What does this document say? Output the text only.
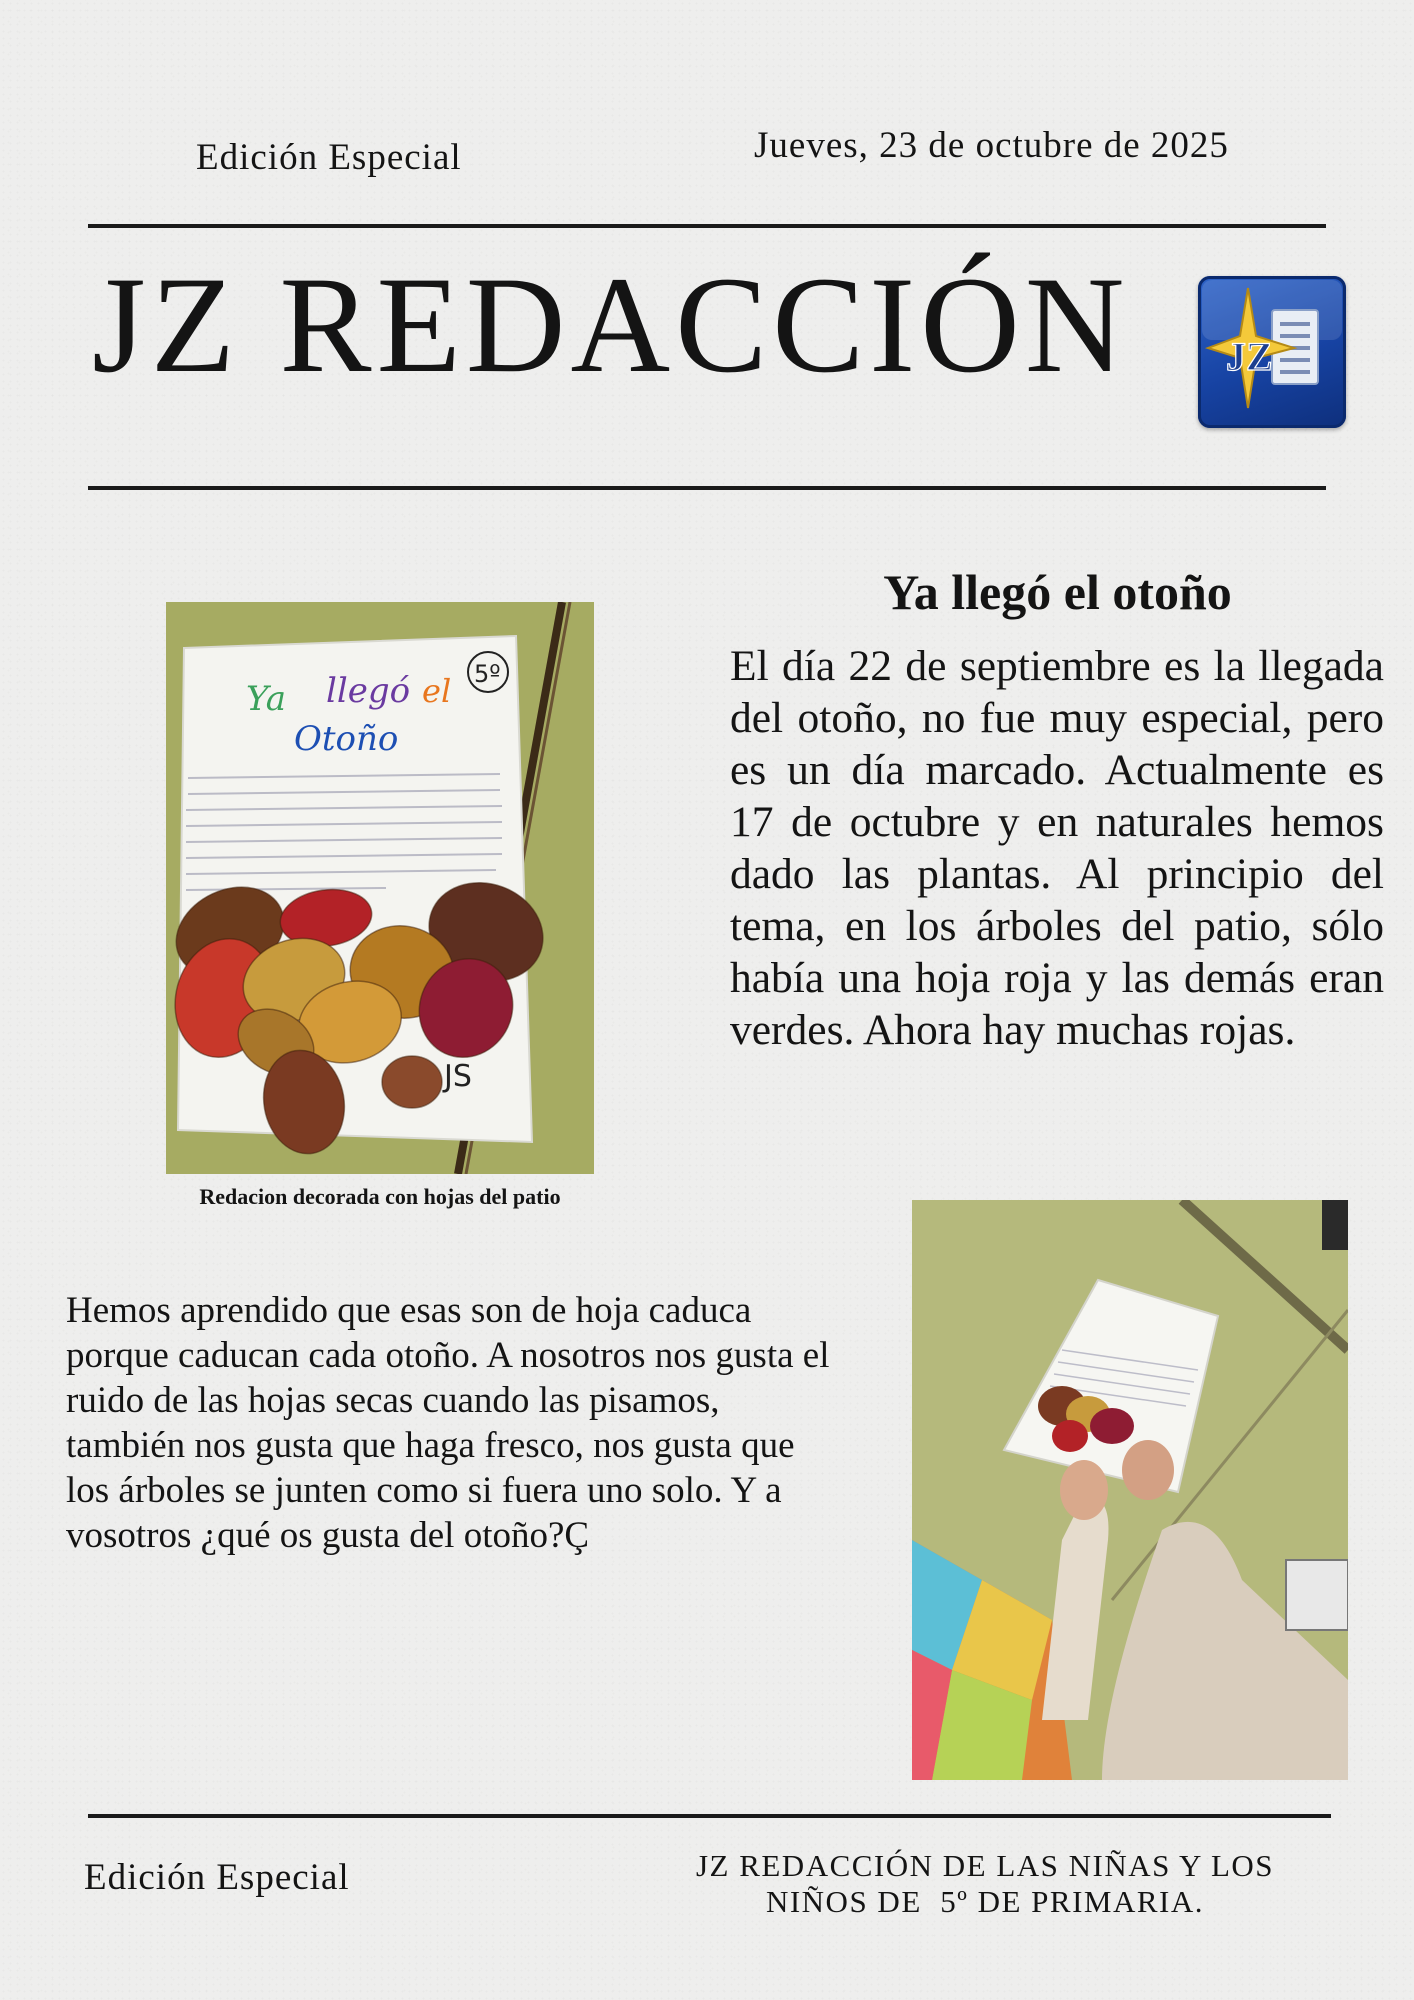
Edición Especial	Jueves, 23 de octubre de 2025
JZ REDACCIÓN JZ
Ya llegó el otoño
El día 22 de septiembre es la llegada del otoño, no fue muy especial, pero es un día marcado. Actualmente es 17 de octubre y en naturales hemos dado las plantas. Al principio del tema, en los árboles del patio, sólo había una hoja roja y las demás eran verdes. Ahora hay muchas rojas.
Ya llegó el
Otoño
5º
JS
Redacion decorada con hojas del patio
Hemos aprendido que esas son de hoja caduca porque caducan cada otoño. A nosotros nos gusta el ruido de las hojas secas cuando las pisamos, también nos gusta que haga fresco, nos gusta que los árboles se junten como si fuera uno solo. Y a vosotros ¿qué os gusta del otoño?Ç
Edición Especial	JZ REDACCIÓN DE LAS NIÑAS Y LOS
NIÑOS DE  5º DE PRIMARIA.
